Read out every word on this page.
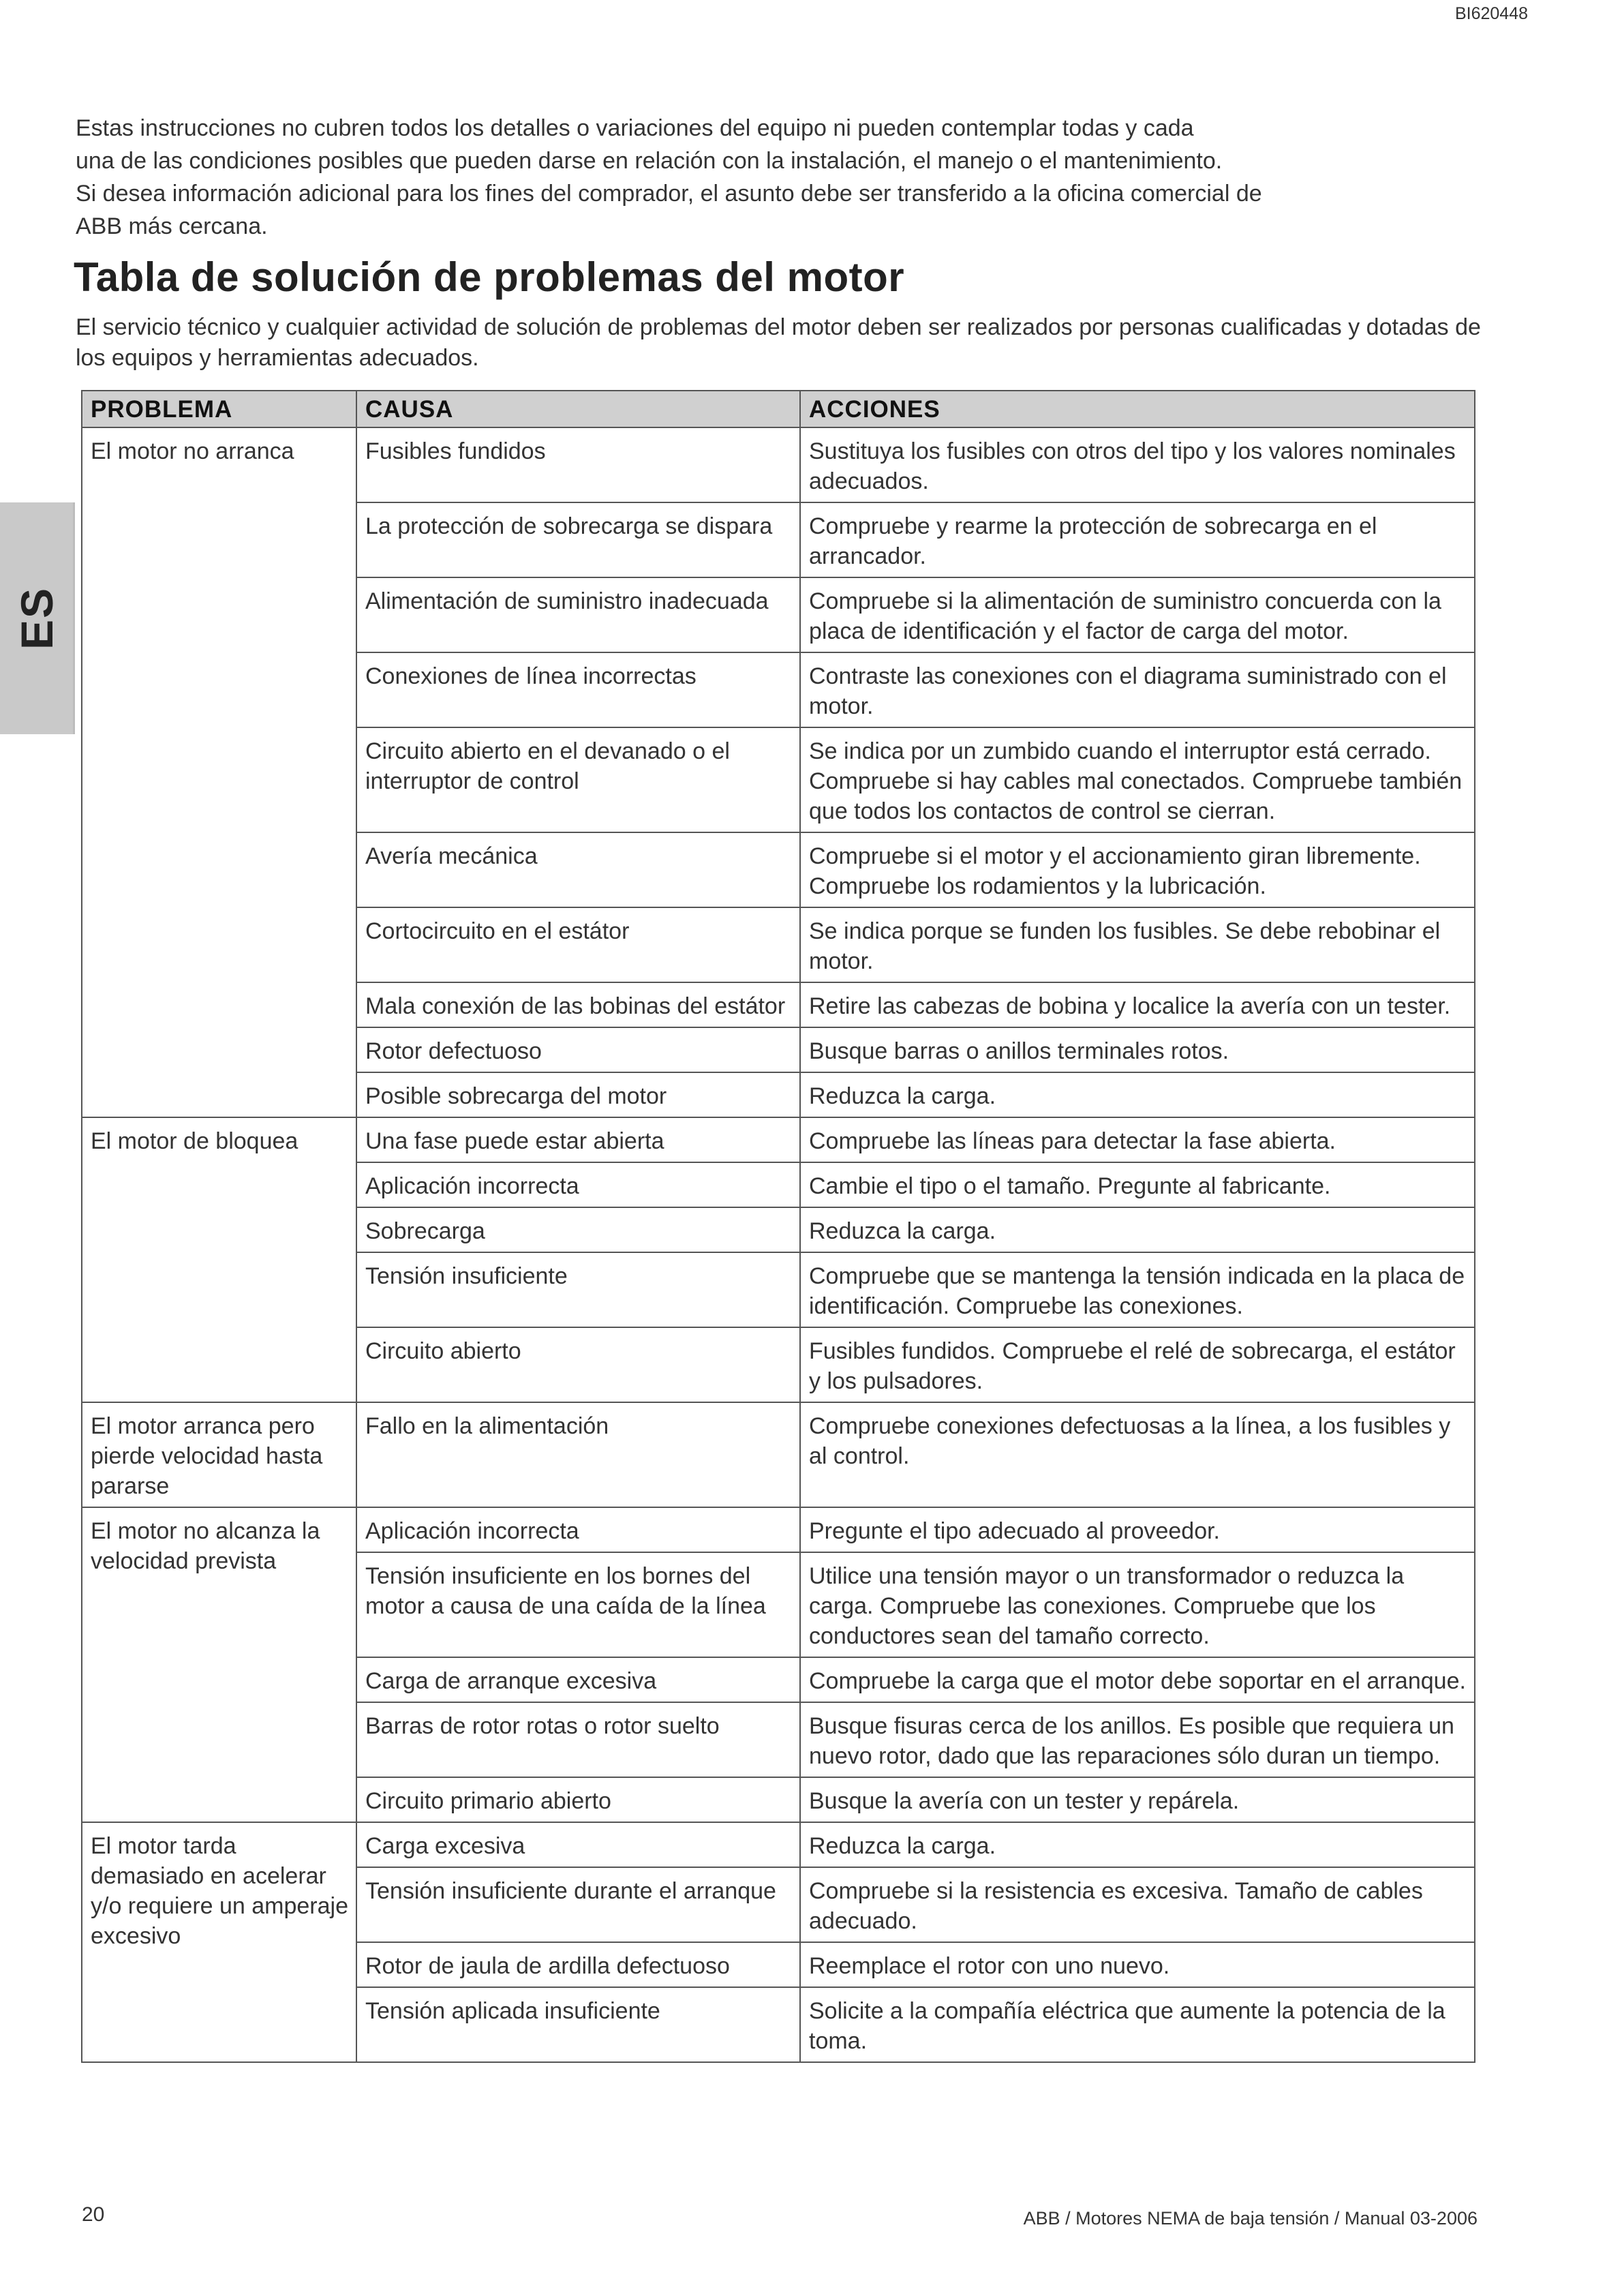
BI620448
ES

Estas instrucciones no cubren todos los detalles o variaciones del equipo ni pueden contemplar todas y cada

una de las condiciones posibles que pueden darse en relación con la instalación, el manejo o el mantenimiento.

Si desea información adicional para los fines del comprador, el asunto debe ser transferido a la oficina comercial de

ABB más cercana.

Tabla de solución de problemas del motor

El servicio técnico y cualquier actividad de solución de problemas del motor deben ser realizados por personas cualificadas y dotadas de los equipos y herramientas adecuados.

PROBLEMA	CAUSA	ACCIONES
El motor no arranca	Fusibles fundidos	Sustituya los fusibles con otros del tipo y los valores nominales adecuados.
	La protección de sobrecarga se dispara	Compruebe y rearme la protección de sobrecarga en el arrancador.
	Alimentación de suministro inadecuada	Compruebe si la alimentación de suministro concuerda con la placa de identificación y el factor de carga del motor.
	Conexiones de línea incorrectas	Contraste las conexiones con el diagrama suministrado con el motor.
	Circuito abierto en el devanado o el interruptor de control	Se indica por un zumbido cuando el interruptor está cerrado. Compruebe si hay cables mal conectados. Compruebe también que todos los contactos de control se cierran.
	Avería mecánica	Compruebe si el motor y el accionamiento giran libremente. Compruebe los rodamientos y la lubricación.
	Cortocircuito en el estátor	Se indica porque se funden los fusibles. Se debe rebobinar el motor.
	Mala conexión de las bobinas del estátor	Retire las cabezas de bobina y localice la avería con un tester.
	Rotor defectuoso	Busque barras o anillos terminales rotos.
	Posible sobrecarga del motor	Reduzca la carga.
El motor de bloquea	Una fase puede estar abierta	Compruebe las líneas para detectar la fase abierta.
	Aplicación incorrecta	Cambie el tipo o el tamaño. Pregunte al fabricante.
	Sobrecarga	Reduzca la carga.
	Tensión insuficiente	Compruebe que se mantenga la tensión indicada en la placa de identificación. Compruebe las conexiones.
	Circuito abierto	Fusibles fundidos. Compruebe el relé de sobrecarga, el estátor y los pulsadores.
El motor arranca pero pierde velocidad hasta pararse	Fallo en la alimentación	Compruebe conexiones defectuosas a la línea, a los fusibles y al control.
El motor no alcanza la velocidad prevista	Aplicación incorrecta	Pregunte el tipo adecuado al proveedor.
	Tensión insuficiente en los bornes del motor a causa de una caída de la línea	Utilice una tensión mayor o un transformador o reduzca la carga. Compruebe las conexiones. Compruebe que los conductores sean del tamaño correcto.
	Carga de arranque excesiva	Compruebe la carga que el motor debe soportar en el arranque.
	Barras de rotor rotas o rotor suelto	Busque fisuras cerca de los anillos. Es posible que requiera un nuevo rotor, dado que las reparaciones sólo duran un tiempo.
	Circuito primario abierto	Busque la avería con un tester y repárela.
El motor tarda demasiado en acelerar y/o requiere un amperaje excesivo	Carga excesiva	Reduzca la carga.
	Tensión insuficiente durante el arranque	Compruebe si la resistencia es excesiva. Tamaño de cables adecuado.
	Rotor de jaula de ardilla defectuoso	Reemplace el rotor con uno nuevo.
	Tensión aplicada insuficiente	Solicite a la compañía eléctrica que aumente la potencia de la toma.
20	ABB / Motores NEMA de baja tensión / Manual 03-2006
